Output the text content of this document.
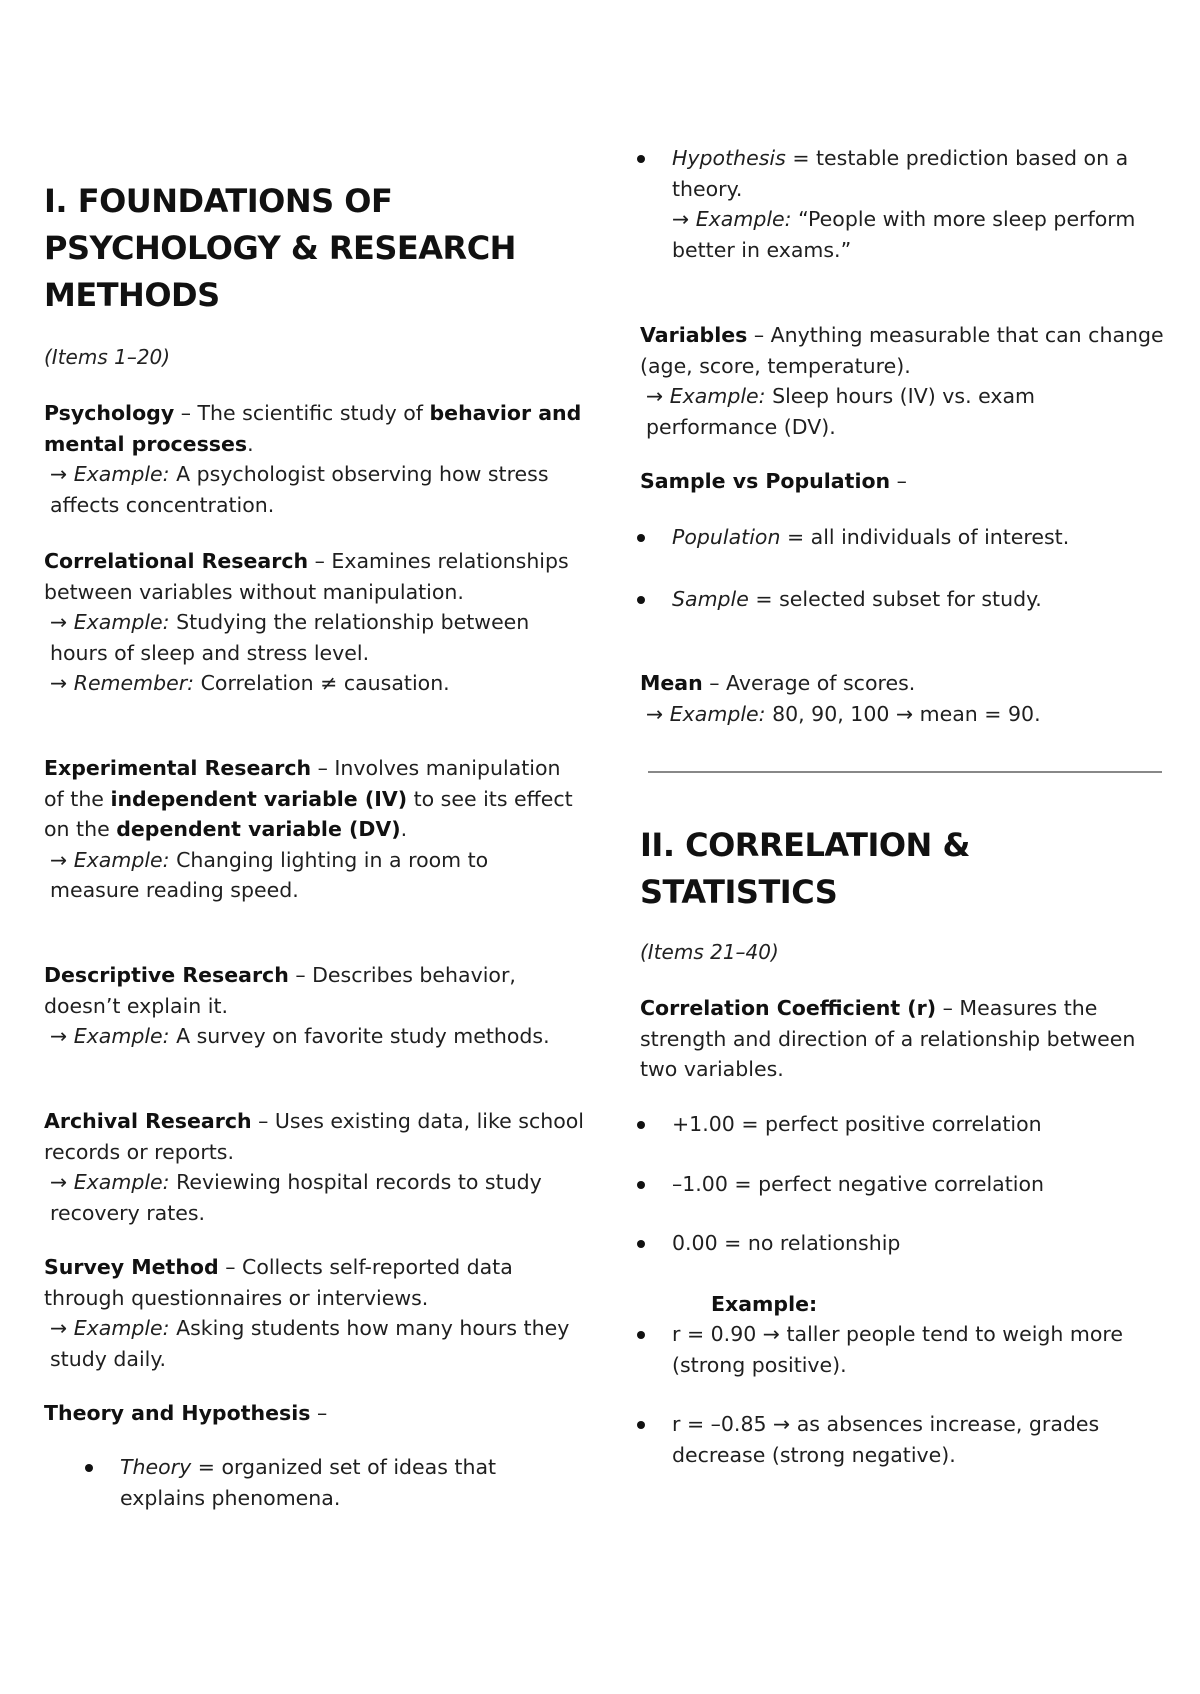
I. FOUNDATIONS OF
PSYCHOLOGY & RESEARCH
METHODS
(Items 1–20)

Psychology – The scientific study of behavior and mental processes.

→ Example: A psychologist observing how stress affects concentration.

Correlational Research – Examines relationships between variables without manipulation.

→ Example: Studying the relationship between hours of sleep and stress level.

→ Remember: Correlation ≠ causation.

Experimental Research – Involves manipulation of the independent variable (IV) to see its effect on the dependent variable (DV).

→ Example: Changing lighting in a room to measure reading speed.

Descriptive Research – Describes behavior, doesn’t explain it.

→ Example: A survey on favorite study methods.

Archival Research – Uses existing data, like school records or reports.

→ Example: Reviewing hospital records to study recovery rates.

Survey Method – Collects self-reported data through questionnaires or interviews.

→ Example: Asking students how many hours they study daily.

Theory and Hypothesis –

Theory = organized set of ideas that explains phenomena.
Hypothesis = testable prediction based on a theory.
→ Example: “People with more sleep perform better in exams.”

Variables – Anything measurable that can change (age, score, temperature).

→ Example: Sleep hours (IV) vs. exam performance (DV).

Sample vs Population –

Population = all individuals of interest.
Sample = selected subset for study.

Mean – Average of scores.

→ Example: 80, 90, 100 → mean = 90.

II. CORRELATION &
STATISTICS
(Items 21–40)

Correlation Coefficient (r) – Measures the strength and direction of a relationship between two variables.

+1.00 = perfect positive correlation
–1.00 = perfect negative correlation
0.00 = no relationship
Example:
r = 0.90 → taller people tend to weigh more (strong positive).
r = –0.85 → as absences increase, grades decrease (strong negative).
